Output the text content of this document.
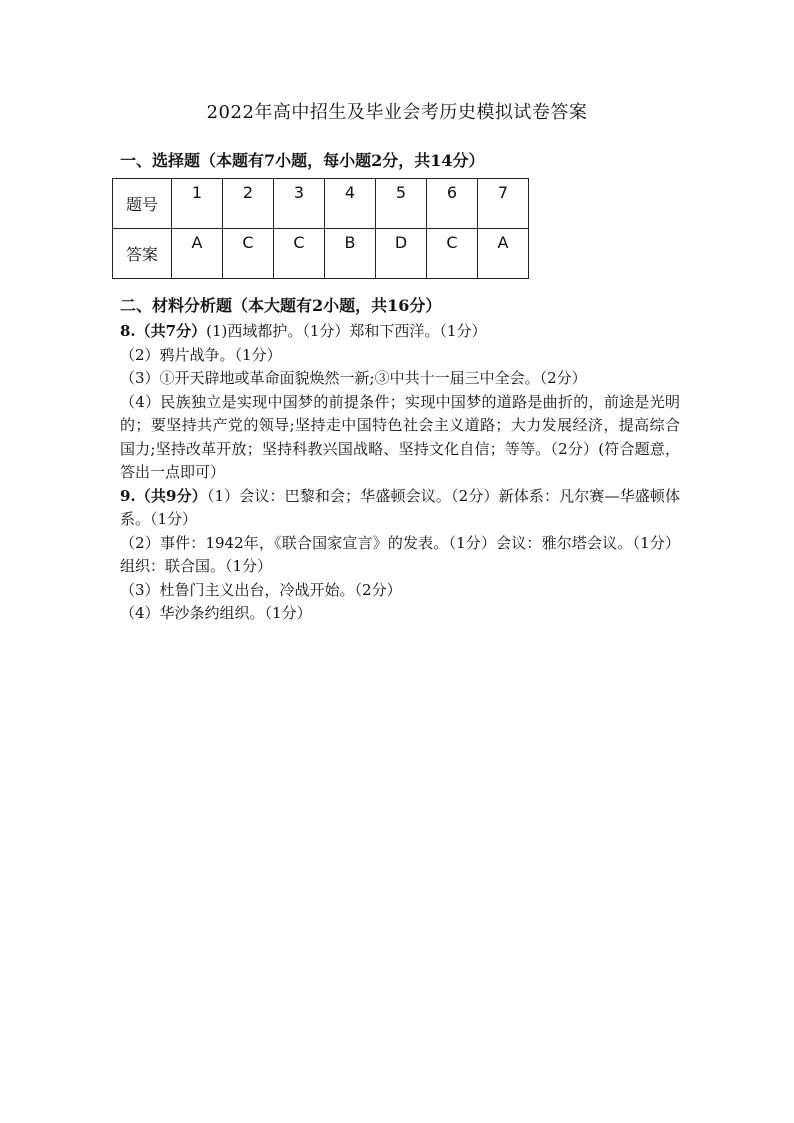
2022年高中招生及毕业会考历史模拟试卷答案
一、选择题（本题有7小题，每小题2分，共14分）
题号	1	2	3	4	5	6	7
答案	A	C	C	B	D	C	A
二、材料分析题（本大题有2小题，共16分）

8.（共7分）(1)西域都护。（1分）郑和下西洋。（1分）

（2）鸦片战争。（1分）

（3）①开天辟地或革命面貌焕然一新;③中共十一届三中全会。（2分）

（4）民族独立是实现中国梦的前提条件；实现中国梦的道路是曲折的，前途是光明的；要坚持共产党的领导;坚持走中国特色社会主义道路；大力发展经济，提高综合国力;坚持改革开放；坚持科教兴国战略、坚持文化自信；等等。（2分）(符合题意，答出一点即可）

9.（共9分）（1）会议：巴黎和会；华盛顿会议。（2分）新体系：凡尔赛—华盛顿体系。（1分）

（2）事件：1942年，《联合国家宣言》的发表。（1分）会议：雅尔塔会议。（1分）组织：联合国。（1分）

（3）杜鲁门主义出台，冷战开始。（2分）

（4）华沙条约组织。（1分）
